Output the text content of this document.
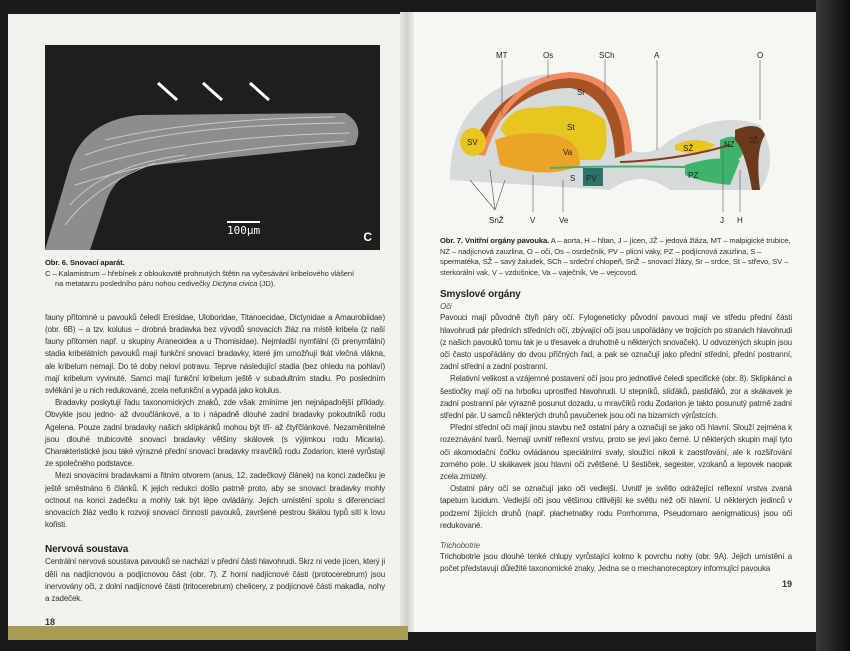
100µm	C
Obr. 6. Snovací aparát.
C – Kalamistrum – hřebínek z obloukovitě prohnutých štětin na vyčesávání kribelového vlášení
na metatarzu posledního páru nohou cedivečky Dictyna civica (JD).

fauny přítomné u pavouků čeledí Eresidae, Uloboridae, Titanoecidae, Dictynidae a Amaurobiidae) (obr. 6B) – a tzv. kolulus – drobná bradavka bez vývodů snovacích žláz na místě kribela (z naší fauny přítomen např. u skupiny Araneoidea a u Thomisidae). Nejmladší nymfální (či prenymfální) stadia kribelátních pavouků mají funkční snovací bradavky, které jim umožňují tkát vlečná vlákna, ale kribelum nemají. Do té doby neloví potravu. Teprve následující stadia (bez ohledu na pohlaví) mají kribelum vyvinuté. Samci mají funkční kribelum ještě v subadultním stadiu. Po posledním svlékání je u nich redukované, zcela nefunkční a vypadá jako kolulus.

Bradavky poskytují řadu taxonomických znaků, zde však zmíníme jen nejnápadnější příklady. Obvykle jsou jedno- až dvoučlánkové, a to i nápadně dlouhé zadní bradavky pokoutníků rodu Agelena. Pouze zadní bradavky našich sklípkánků mohou být tří- až čtyřčlánkové. Nezaměnitelné jsou dlouhé trubicovité snovací bradavky většiny skálovek (s výjimkou rodu Micaria). Charakteristické jsou také výrazné přední snovací bradavky mravčíků rodu Zodarion, které vyrůstají ze společného podstavce.

Mezi snovacími bradavkami a řitním otvorem (anus, 12. zadečkový článek) na konci zadečku je ještě směstnáno 6 článků. K jejich redukci došlo patrně proto, aby se snovací bradavky mohly octnout na konci zadečku a mohly tak být lépe ovládány. Jejich umístění spolu s diferenciací snovacích žláz vedlo k rozvoji snovací činnosti pavouků, završené pestrou škálou typů sítí k lovu kořisti.

Nervová soustava

Centrální nervová soustava pavouků se nachází v přední části hlavohrudi. Skrz ni vede jícen, který ji dělí na nadjícnovou a podjícnovou část (obr. 7). Z horní nadjícnové části (protocerebrum) jsou inervovány oči, z dolní nadjícnové části (tritocerebrum) chelicery, z podjícnové části makadla, nohy a zadeček.

18
MT	Os	SCh	A	O
Sr
St
SV
Va	SŽ	NZ JŽ
PZ
S PV
SnŽ	V	Ve	J H
Obr. 7. Vnitřní orgány pavouka. A – aorta, H – hltan, J – jícen, JŽ – jedová žláza, MT – malpigické trubice, NZ – nadjícnová zauzlina, O – oči, Os – osrdečník, PV – plicní vaky, PZ – podjícnová zauzlina, S – spermatéka, SŽ – savý žaludek, SCh – srdeční chlopeň, SnŽ – snovací žlázy, Sr – srdce, St – střevo, SV – sterkorální vak, V – vzdušnice, Va – vaječník, Ve – vejcovod.
Smyslové orgány
Oči

Pavouci mají původně čtyři páry očí. Fylogeneticky původní pavouci mají ve středu přední části hlavohrudi pár předních středních očí, zbývající oči jsou uspořádány ve trojicích po stranách hlavohrudi (z našich pavouků tomu tak je u třesavek a druhotně u některých snovaček). U odvozených skupin jsou oči často uspořádány do dvou příčných řad, a pak se označují jako přední střední, přední postranní, zadní střední a zadní postranní.

Relativní velikost a vzájemné postavení očí jsou pro jednotlivé čeledi specifické (obr. 8). Sklípkánci a šestiočky mají oči na hrbolku uprostřed hlavohrudi. U stepníků, slíďáků, pasliďáků, zor a skákavek je zadní postranní pár výrazně posunut dozadu, u mravčíků rodu Zodarion je takto posunutý patrně zadní střední pár. U samců některých druhů pavučenek jsou oči na bizarních výrůstcích.

Přední střední oči mají jinou stavbu než ostatní páry a označují se jako oči hlavní. Slouží zejména k rozeznávání tvarů. Nemají uvnitř reflexní vrstvu, proto se jeví jako černé. U některých skupin mají tyto oči akomodační čočku ovládanou speciálními svaly, sloužící nikoli k zaostřování, ale k rozšiřování zorného pole. U skákavek jsou hlavní oči zvětšené. U šestiček, segester, vzokanů a lepovek naopak zcela zmizely.

Ostatní páry očí se označují jako oči vedlejší. Uvnitř je světlo odrážející reflexní vrstva zvaná tapetum lucidum. Vedlejší oči jsou většinou citlivější ke světlu než oči hlavní. U některých jedinců v podzemí žijících druhů (např. plachetnatky rodu Porrhomma, Pseudomaro aenigmaticus) jsou oči redukované.

Trichobotrie

Trichobotrie jsou dlouhé tenké chlupy vyrůstající kolmo k povrchu nohy (obr. 9A). Jejich umístění a počet představují důležité taxonomické znaky. Jedna se o mechanoreceptory informující pavouka

19
